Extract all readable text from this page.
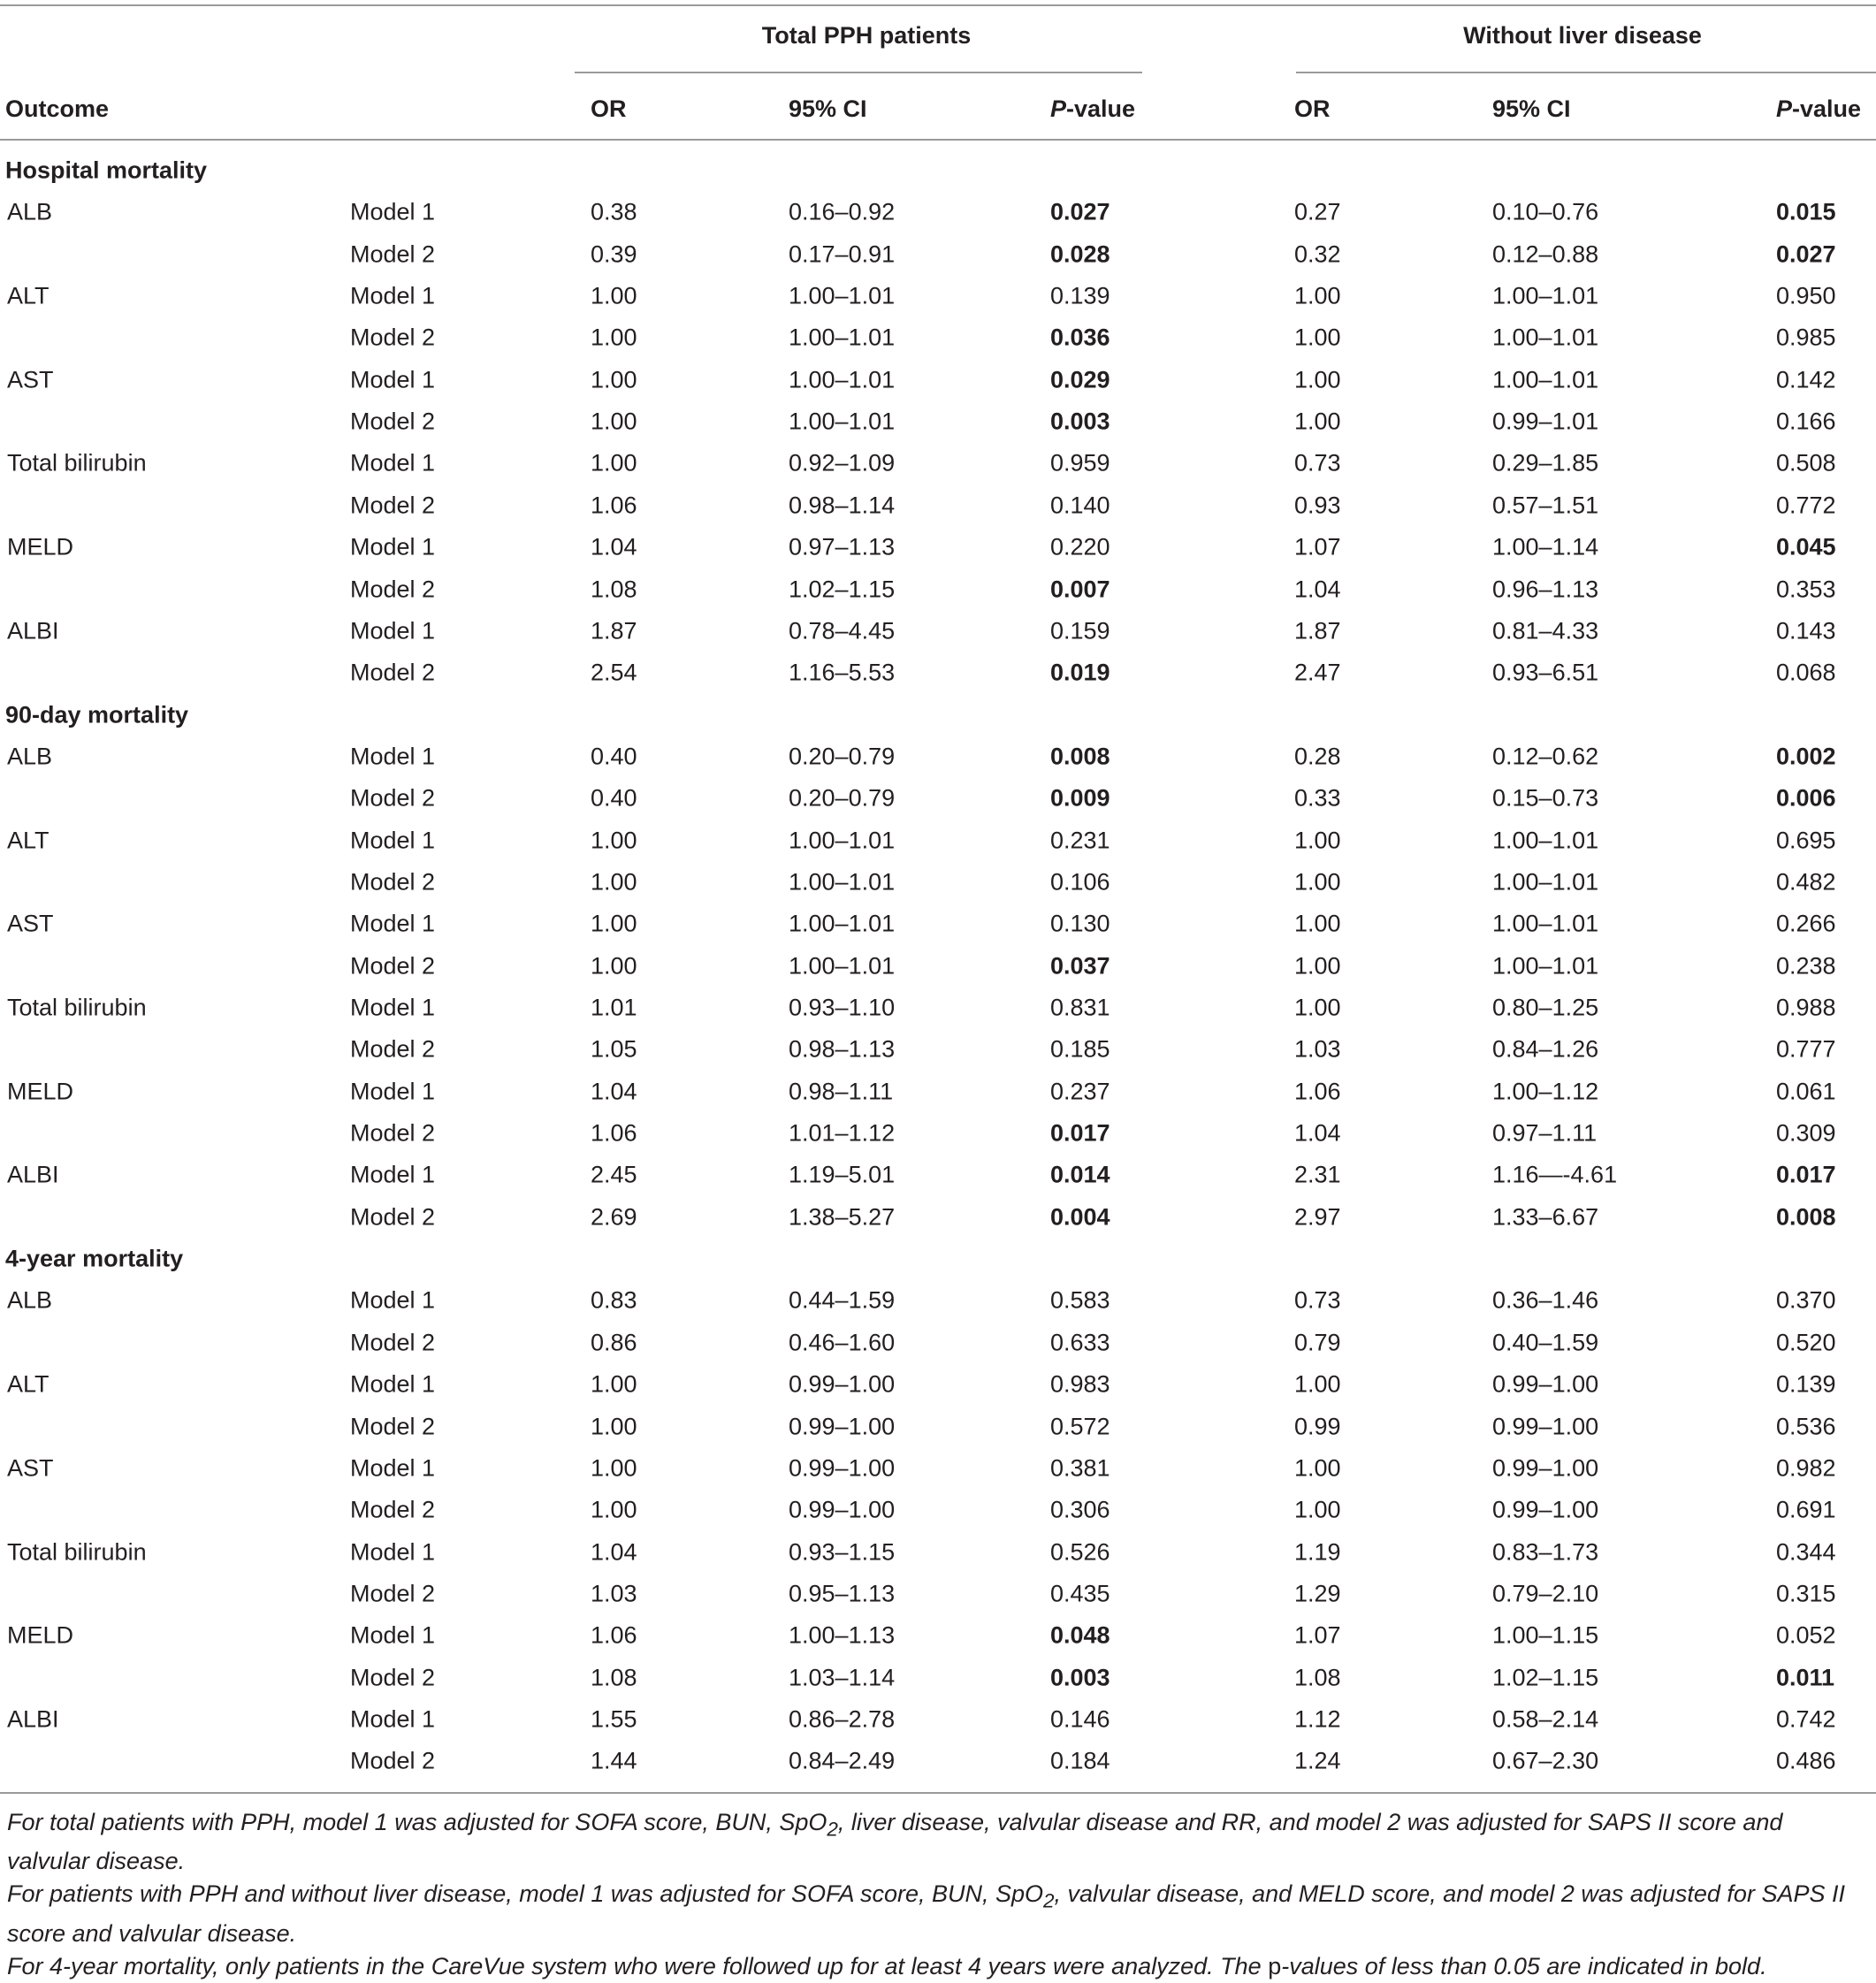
Total PPH patients	Without liver disease
Outcome	OR	95% CI	P-value	OR	95% CI	P-value
Hospital mortality
ALB	Model 1	0.38	0.16–0.92	0.027	0.27	0.10–0.76	0.015
Model 2	0.39	0.17–0.91	0.028	0.32	0.12–0.88	0.027
ALT	Model 1	1.00	1.00–1.01	0.139	1.00	1.00–1.01	0.950
Model 2	1.00	1.00–1.01	0.036	1.00	1.00–1.01	0.985
AST	Model 1	1.00	1.00–1.01	0.029	1.00	1.00–1.01	0.142
Model 2	1.00	1.00–1.01	0.003	1.00	0.99–1.01	0.166
Total bilirubin	Model 1	1.00	0.92–1.09	0.959	0.73	0.29–1.85	0.508
Model 2	1.06	0.98–1.14	0.140	0.93	0.57–1.51	0.772
MELD	Model 1	1.04	0.97–1.13	0.220	1.07	1.00–1.14	0.045
Model 2	1.08	1.02–1.15	0.007	1.04	0.96–1.13	0.353
ALBI	Model 1	1.87	0.78–4.45	0.159	1.87	0.81–4.33	0.143
Model 2	2.54	1.16–5.53	0.019	2.47	0.93–6.51	0.068
90-day mortality
ALB	Model 1	0.40	0.20–0.79	0.008	0.28	0.12–0.62	0.002
Model 2	0.40	0.20–0.79	0.009	0.33	0.15–0.73	0.006
ALT	Model 1	1.00	1.00–1.01	0.231	1.00	1.00–1.01	0.695
Model 2	1.00	1.00–1.01	0.106	1.00	1.00–1.01	0.482
AST	Model 1	1.00	1.00–1.01	0.130	1.00	1.00–1.01	0.266
Model 2	1.00	1.00–1.01	0.037	1.00	1.00–1.01	0.238
Total bilirubin	Model 1	1.01	0.93–1.10	0.831	1.00	0.80–1.25	0.988
Model 2	1.05	0.98–1.13	0.185	1.03	0.84–1.26	0.777
MELD	Model 1	1.04	0.98–1.11	0.237	1.06	1.00–1.12	0.061
Model 2	1.06	1.01–1.12	0.017	1.04	0.97–1.11	0.309
ALBI	Model 1	2.45	1.19–5.01	0.014	2.31	1.16—-4.61	0.017
Model 2	2.69	1.38–5.27	0.004	2.97	1.33–6.67	0.008
4-year mortality
ALB	Model 1	0.83	0.44–1.59	0.583	0.73	0.36–1.46	0.370
Model 2	0.86	0.46–1.60	0.633	0.79	0.40–1.59	0.520
ALT	Model 1	1.00	0.99–1.00	0.983	1.00	0.99–1.00	0.139
Model 2	1.00	0.99–1.00	0.572	0.99	0.99–1.00	0.536
AST	Model 1	1.00	0.99–1.00	0.381	1.00	0.99–1.00	0.982
Model 2	1.00	0.99–1.00	0.306	1.00	0.99–1.00	0.691
Total bilirubin	Model 1	1.04	0.93–1.15	0.526	1.19	0.83–1.73	0.344
Model 2	1.03	0.95–1.13	0.435	1.29	0.79–2.10	0.315
MELD	Model 1	1.06	1.00–1.13	0.048	1.07	1.00–1.15	0.052
Model 2	1.08	1.03–1.14	0.003	1.08	1.02–1.15	0.011
ALBI	Model 1	1.55	0.86–2.78	0.146	1.12	0.58–2.14	0.742
Model 2	1.44	0.84–2.49	0.184	1.24	0.67–2.30	0.486

For total patients with PPH, model 1 was adjusted for SOFA score, BUN, SpO$_2$, liver disease, valvular disease and RR, and model 2 was adjusted for SAPS II score and valvular disease.

For patients with PPH and without liver disease, model 1 was adjusted for SOFA score, BUN, SpO$_2$, valvular disease, and MELD score, and model 2 was adjusted for SAPS II score and valvular disease.

For 4-year mortality, only patients in the CareVue system who were followed up for at least 4 years were analyzed. The p-values of less than 0.05 are indicated in bold.
